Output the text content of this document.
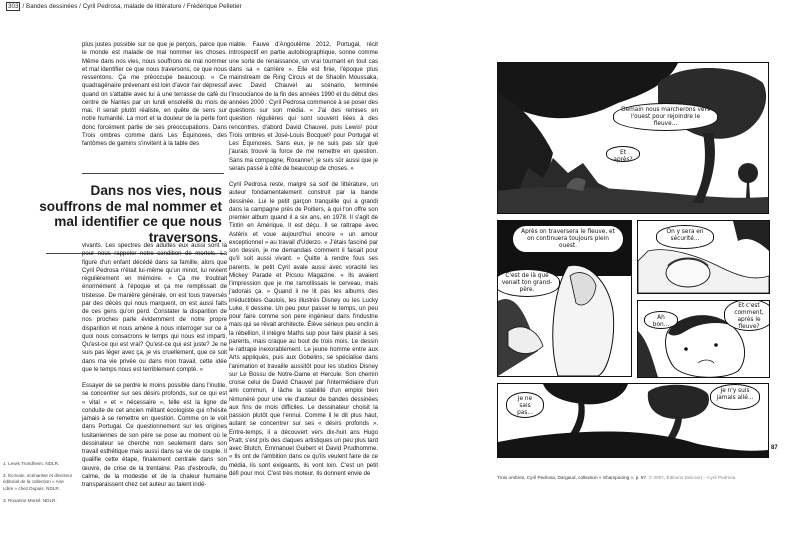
303 / Bandes dessinées / Cyril Pedrosa, malade de littérature / Frédérique Pelletier

plus justes possible sur ce que je perçois, parce que le monde est malade de mal nommer les choses. Même dans nos vies, nous souffrons de mal nommer et mal identifier ce que nous traversons, ce que nous ressentons. Ça me préoccupe beaucoup. » Ce quadragénaire prévenant est loin d'avoir l'air dépressif quand on s'attable avec lui à une terrasse de café du centre de Nantes par un lundi ensoleillé du mois de mai. Il serait plutôt réaliste, en quête de sens sur notre humanité. La mort et la douleur de la perte font donc forcément partie de ses préoccupations. Dans Trois ombres comme dans Les Équinoxes, des fantômes de gamins s'invitent à la table des

Dans nos vies, nous souffrons de mal nommer et mal identifier ce que nous traversons.

vivants. Les spectres des adultes eux aussi sont là pour nous rappeler notre condition de mortels. La figure d'un enfant décédé dans sa famille, alors que Cyril Pedrosa n'était lui-même qu'un minot, lui revient régulièrement en mémoire. « Ça me troublait énormément à l'époque et ça me remplissait de tristesse. De manière générale, on est tous traversés par des décès qui nous marquent, on est aussi faits de ces gens qu'on perd. Constater la disparition de nos proches parle évidemment de notre propre disparition et nous amène à nous interroger sur ce à quoi nous consacrons le temps qui nous est imparti. Qu'est-ce qui est vrai? Qu'est-ce qui est juste? Je ne suis pas léger avec ça, je vis cruellement, que ce soit dans ma vie privée ou dans mon travail, cette idée que le temps nous est terriblement compté. »

Essayer de se perdre le moins possible dans l'inutile, se concentrer sur ses désirs profonds, sur ce qui est « vital » et « nécessaire », telle est la ligne de conduite de cet ancien militant écologiste qui n'hésite jamais à se remettre en question. Comme on le voit dans Portugal. Ce questionnement sur les origines lusitaniennes de son père se pose au moment où le dessinateur se cherche non seulement dans son travail esthétique mais aussi dans sa vie de couple. Il qualifie cette étape, finalement centrale dans son œuvre, de crise de la trentaine. Pas d'esbroufe, du calme, de la modestie et de la chaleur humaine transparaissent chez cet auteur au talent indé-

niable. Fauve d'Angoulême 2012, Portugal, récit introspectif en partie autobiographique, sonne comme une sorte de renaissance, un vrai tournant en tout cas dans sa « carrière ». Elle est finie, l'époque plus mainstream de Ring Circus et de Shaolin Moussaka, avec David Chauvel au scénario, terminée l'insouciance de la fin des années 1990 et du début des années 2000 : Cyril Pedrosa commence à se poser des questions sur son média. « J'ai des remises en question régulières qui sont souvent liées à des rencontres, d'abord David Chauvel, puis Lewis¹ pour Trois ombres et José-Louis Bocquet² pour Portugal et Les Équinoxes. Sans eux, je ne suis pas sûr que j'aurais trouvé la force de me remettre en question. Sans ma compagne, Roxanne³, je suis sûr aussi que je serais passé à côté de beaucoup de choses. »

Cyril Pedrosa reste, malgré sa soif de littérature, un auteur fondamentalement construit par la bande dessinée. Lui le petit garçon tranquille qui a grandi dans la campagne près de Poitiers, à qui l'on offre son premier album quand il a six ans, en 1978. Il s'agit de Tintin en Amérique. Il est déçu. Il se rattrape avec Astérix et voue aujourd'hui encore « un amour exceptionnel » au travail d'Uderzo. « J'étais fasciné par son dessin, je me demandais comment il faisait pour qu'il soit aussi vivant. » Quitte à rendre fous ses parents, le petit Cyril avale aussi avec voracité les Mickey Parade et Picsou Magazine. « Ils avaient l'impression que je me ramollissais le cerveau, mais j'adorais ça. » Quand il ne lit pas les albums des irréductibles Gaulois, les illustrés Disney ou les Lucky Luke, il dessine. Un peu pour passer le temps, un peu pour faire comme son père ingénieur dans l'industrie mais qui se rêvait architecte. Élève sérieux peu enclin à la rébellion, il intègre Maths sup pour faire plaisir à ses parents, mais craque au bout de trois mois. Le dessin le rattrape inexorablement. Le jeune homme entre aux Arts appliqués, puis aux Gobelins, se spécialise dans l'animation et travaille aussitôt pour les studios Disney sur Le Bossu de Notre-Dame et Hercule. Son chemin croise celui de David Chauvel par l'intermédiaire d'un ami commun, il lâche la stabilité d'un emploi bien rémunéré pour une vie d'auteur de bandes dessinées aux fins de mois difficiles. Le dessinateur choisit la passion plutôt que l'ennui. Comme il le dit plus haut, autant se concentrer sur ses « désirs profonds ». Entre-temps, il a découvert vers dix-huit ans Hugo Pratt, s'est pris des claques artistiques un peu plus tard avec Blutch, Emmanuel Guibert et David Prudhomme. « Ils ont de l'ambition dans ce qu'ils veulent faire de ce média, ils sont exigeants, ils vont loin. C'est un petit défi pour moi. C'est très moteur. Ils donnent envie de

1. Lewis Trondheim. NDLR.
2. Écrivain, scénariste et directeur éditorial de la collection « Aire Libre » chez Dupuis. NDLR.
3. Roxanne Moreil. NDLR.
Demain nous marcherons vers l'ouest pour rejoindre le fleuve...
Et après?
Après on traversera le fleuve, et on continuera toujours plein ouest.
C'est de là que venait ton grand-père.
On y sera en sécurité...
Ah bon...
Et c'est comment, après le fleuve?
Je ne sais pas...
Je n'y suis jamais allé...
87
Trois ombres, Cyril Pedrosa, Dargaud, collection « Shampooing », p. 87. © 2007, Éditions Delcourt – Cyril Pedrosa
